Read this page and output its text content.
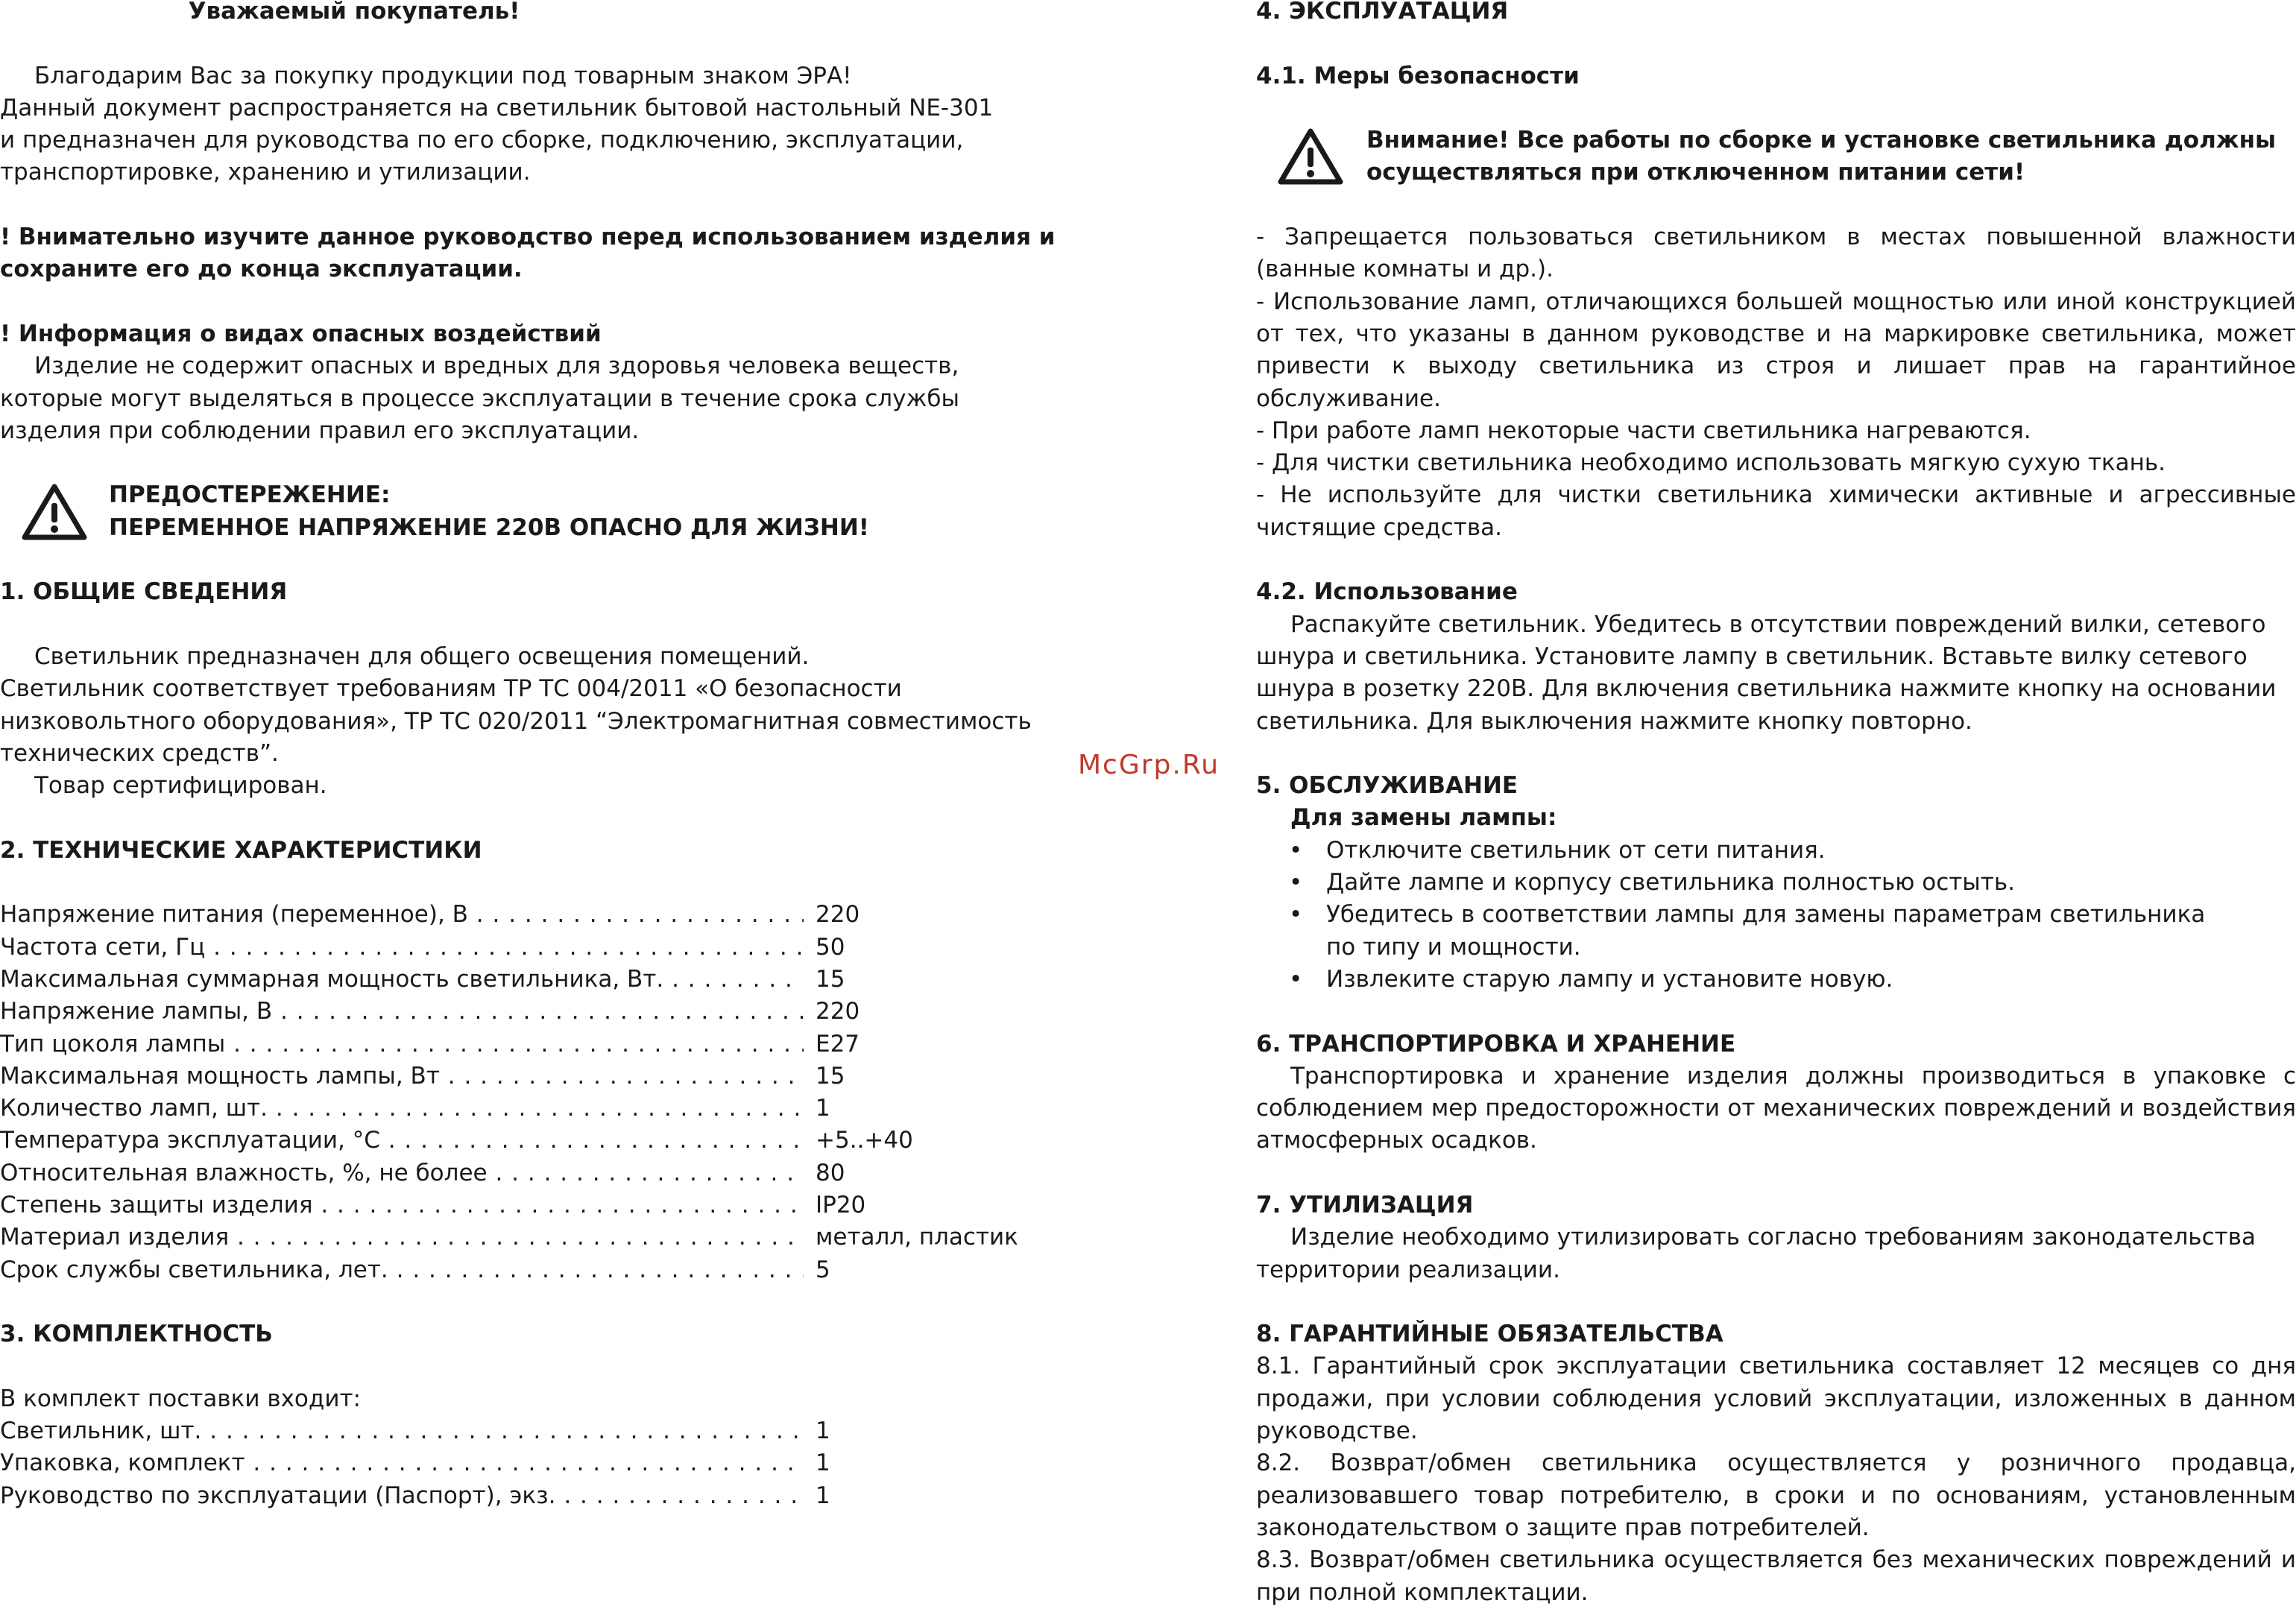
Уважаемый покупатель!

Благодарим Вас за покупку продукции под товарным знаком ЭРА!

Данный документ распространяется на светильник бытовой настольный NE-301

и предназначен для руководства по его сборке, подключению, эксплуатации,

транспортировке, хранению и утилизации.

! Внимательно изучите данное руководство перед использованием изделия и

сохраните его до конца эксплуатации.

! Информация о видах опасных воздействий

Изделие не содержит опасных и вредных для здоровья человека веществ,

которые могут выделяться в процессе эксплуатации в течение срока службы

изделия при соблюдении правил его эксплуатации.

ПРЕДОСТЕРЕЖЕНИЕ:

ПЕРЕМЕННОЕ НАПРЯЖЕНИЕ 220В ОПАСНО ДЛЯ ЖИЗНИ!

1. ОБЩИЕ СВЕДЕНИЯ

Светильник предназначен для общего освещения помещений.

Светильник соответствует требованиям ТР ТС 004/2011 «О безопасности

низковольтного оборудования», ТР ТС 020/2011 “Электромагнитная совместимость

технических средств”.

Товар сертифицирован.

2. ТЕХНИЧЕСКИЕ ХАРАКТЕРИСТИКИ

Напряжение питания (переменное), В . . .	220
Частота сети, Гц . . .	50
Максимальная суммарная мощность светильника, Вт. . . .	15
Напряжение лампы, В . . .	220
Тип цоколя лампы . . .	E27
Максимальная мощность лампы, Вт . . .	15
Количество ламп, шт. . . .	1
Температура эксплуатации, °С . . .	+5..+40
Относительная влажность, %, не более . . .	80
Степень защиты изделия . . .	IP20
Материал изделия . . .	металл, пластик
Срок службы светильника, лет. . . .	5

3. КОМПЛЕКТНОСТЬ

В комплект поставки входит:

Светильник, шт. . . .	1
Упаковка, комплект . . .	1
Руководство по эксплуатации (Паспорт), экз. . . .	1
McGrp.Ru

4. ЭКСПЛУАТАЦИЯ

4.1. Меры безопасности

Внимание! Все работы по сборке и установке светильника должны

осуществляться при отключенном питании сети!

- Запрещается пользоваться светильником в местах повышенной влажности (ванные комнаты и др.).

- Использование ламп, отличающихся большей мощностью или иной конструкцией от тех, что указаны в данном руководстве и на маркировке светильника, может привести к выходу светильника из строя и лишает прав на гарантийное обслуживание.

- При работе ламп некоторые части светильника нагреваются.

- Для чистки светильника необходимо использовать мягкую сухую ткань.

- Не используйте для чистки светильника химически активные и агрессивные чистящие средства.

4.2. Использование

Распакуйте светильник. Убедитесь в отсутствии повреждений вилки, сетевого

шнура и светильника. Установите лампу в светильник. Вставьте вилку сетевого

шнура в розетку 220В. Для включения светильника нажмите кнопку на основании

светильника. Для выключения нажмите кнопку повторно.

5. ОБСЛУЖИВАНИЕ

Для замены лампы:

•	Отключите светильник от сети питания.
•	Дайте лампе и корпусу светильника полностью остыть.
•	Убедитесь в соответствии лампы для замены параметрам светильника по типу и мощности.
•	Извлеките старую лампу и установите новую.

6. ТРАНСПОРТИРОВКА И ХРАНЕНИЕ

Транспортировка и хранение изделия должны производиться в упаковке с соблюдением мер предосторожности от механических повреждений и воздействия атмосферных осадков.

7. УТИЛИЗАЦИЯ

Изделие необходимо утилизировать согласно требованиям законодательства

территории реализации.

8. ГАРАНТИЙНЫЕ ОБЯЗАТЕЛЬСТВА

8.1. Гарантийный срок эксплуатации светильника составляет 12 месяцев со дня продажи, при условии соблюдения условий эксплуатации, изложенных в данном руководстве.

8.2. Возврат/обмен светильника осуществляется у розничного продавца, реализовавшего товар потребителю, в сроки и по основаниям, установленным законодательством о защите прав потребителей.

8.3. Возврат/обмен светильника осуществляется без механических повреждений и при полной комплектации.
